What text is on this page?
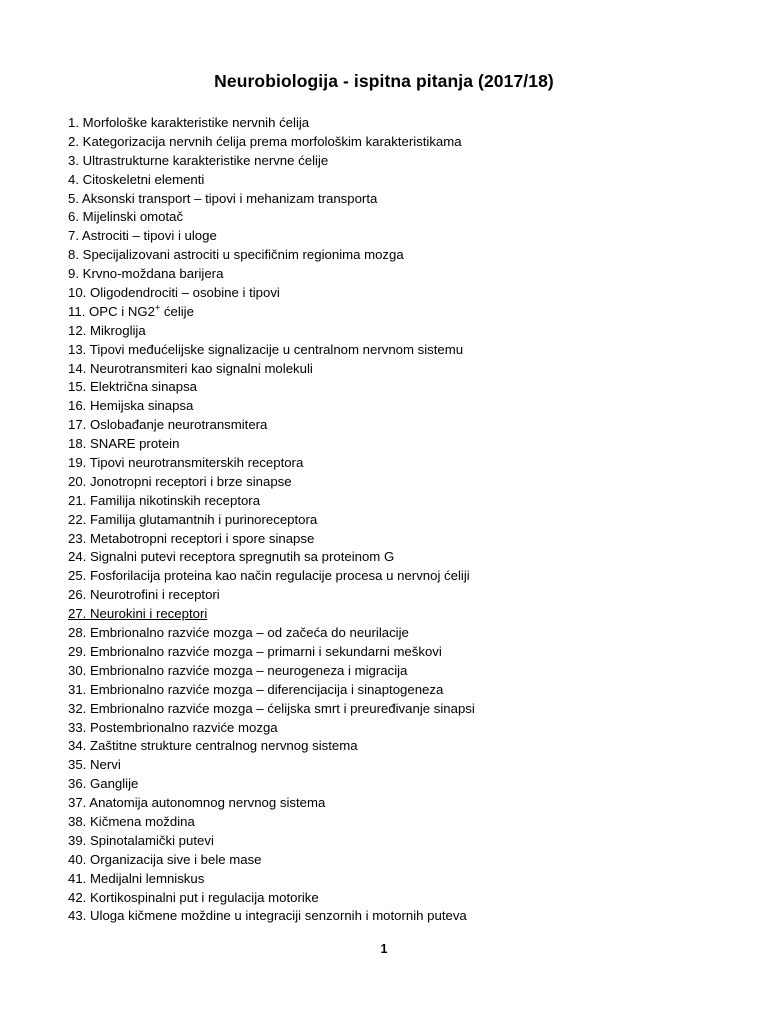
Neurobiologija - ispitna pitanja (2017/18)
1. Morfološke karakteristike nervnih ćelija
2. Kategorizacija nervnih ćelija prema morfološkim karakteristikama
3. Ultrastrukturne karakteristike nervne ćelije
4. Citoskeletni elementi
5. Aksonski transport – tipovi i mehanizam transporta
6. Mijelinski omotač
7. Astrociti – tipovi i uloge
8. Specijalizovani astrociti u specifičnim regionima mozga
9. Krvno-moždana barijera
10. Oligodendrociti – osobine i tipovi
11. OPC i NG2+ ćelije
12. Mikroglija
13. Tipovi međućelijske signalizacije u centralnom nervnom sistemu
14. Neurotransmiteri kao signalni molekuli
15. Električna sinapsa
16. Hemijska sinapsa
17. Oslobađanje neurotransmitera
18. SNARE protein
19. Tipovi neurotransmiterskih receptora
20. Jonotropni receptori i brze sinapse
21. Familija nikotinskih receptora
22. Familija glutamantnih i purinoreceptora
23. Metabotropni receptori i spore sinapse
24. Signalni putevi receptora spregnutih sa proteinom G
25. Fosforilacija proteina kao način regulacije procesa u nervnoj ćeliji
26. Neurotrofini i receptori
27. Neurokini i receptori
28. Embrionalno razviće mozga – od začeća do neurilacije
29. Embrionalno razviće mozga – primarni i sekundarni meškovi
30. Embrionalno razviće mozga – neurogeneza i migracija
31. Embrionalno razviće mozga – diferencijacija i sinaptogeneza
32. Embrionalno razviće mozga – ćelijska smrt i preuređivanje sinapsi
33. Postembrionalno razviće mozga
34. Zaštitne strukture centralnog nervnog sistema
35. Nervi
36. Ganglije
37. Anatomija autonomnog nervnog sistema
38. Kičmena moždina
39. Spinotalamički putevi
40. Organizacija sive i bele mase
41. Medijalni lemniskus
42. Kortikospinalni put i regulacija motorike
43. Uloga kičmene moždine u integraciji senzornih i motornih puteva
1
